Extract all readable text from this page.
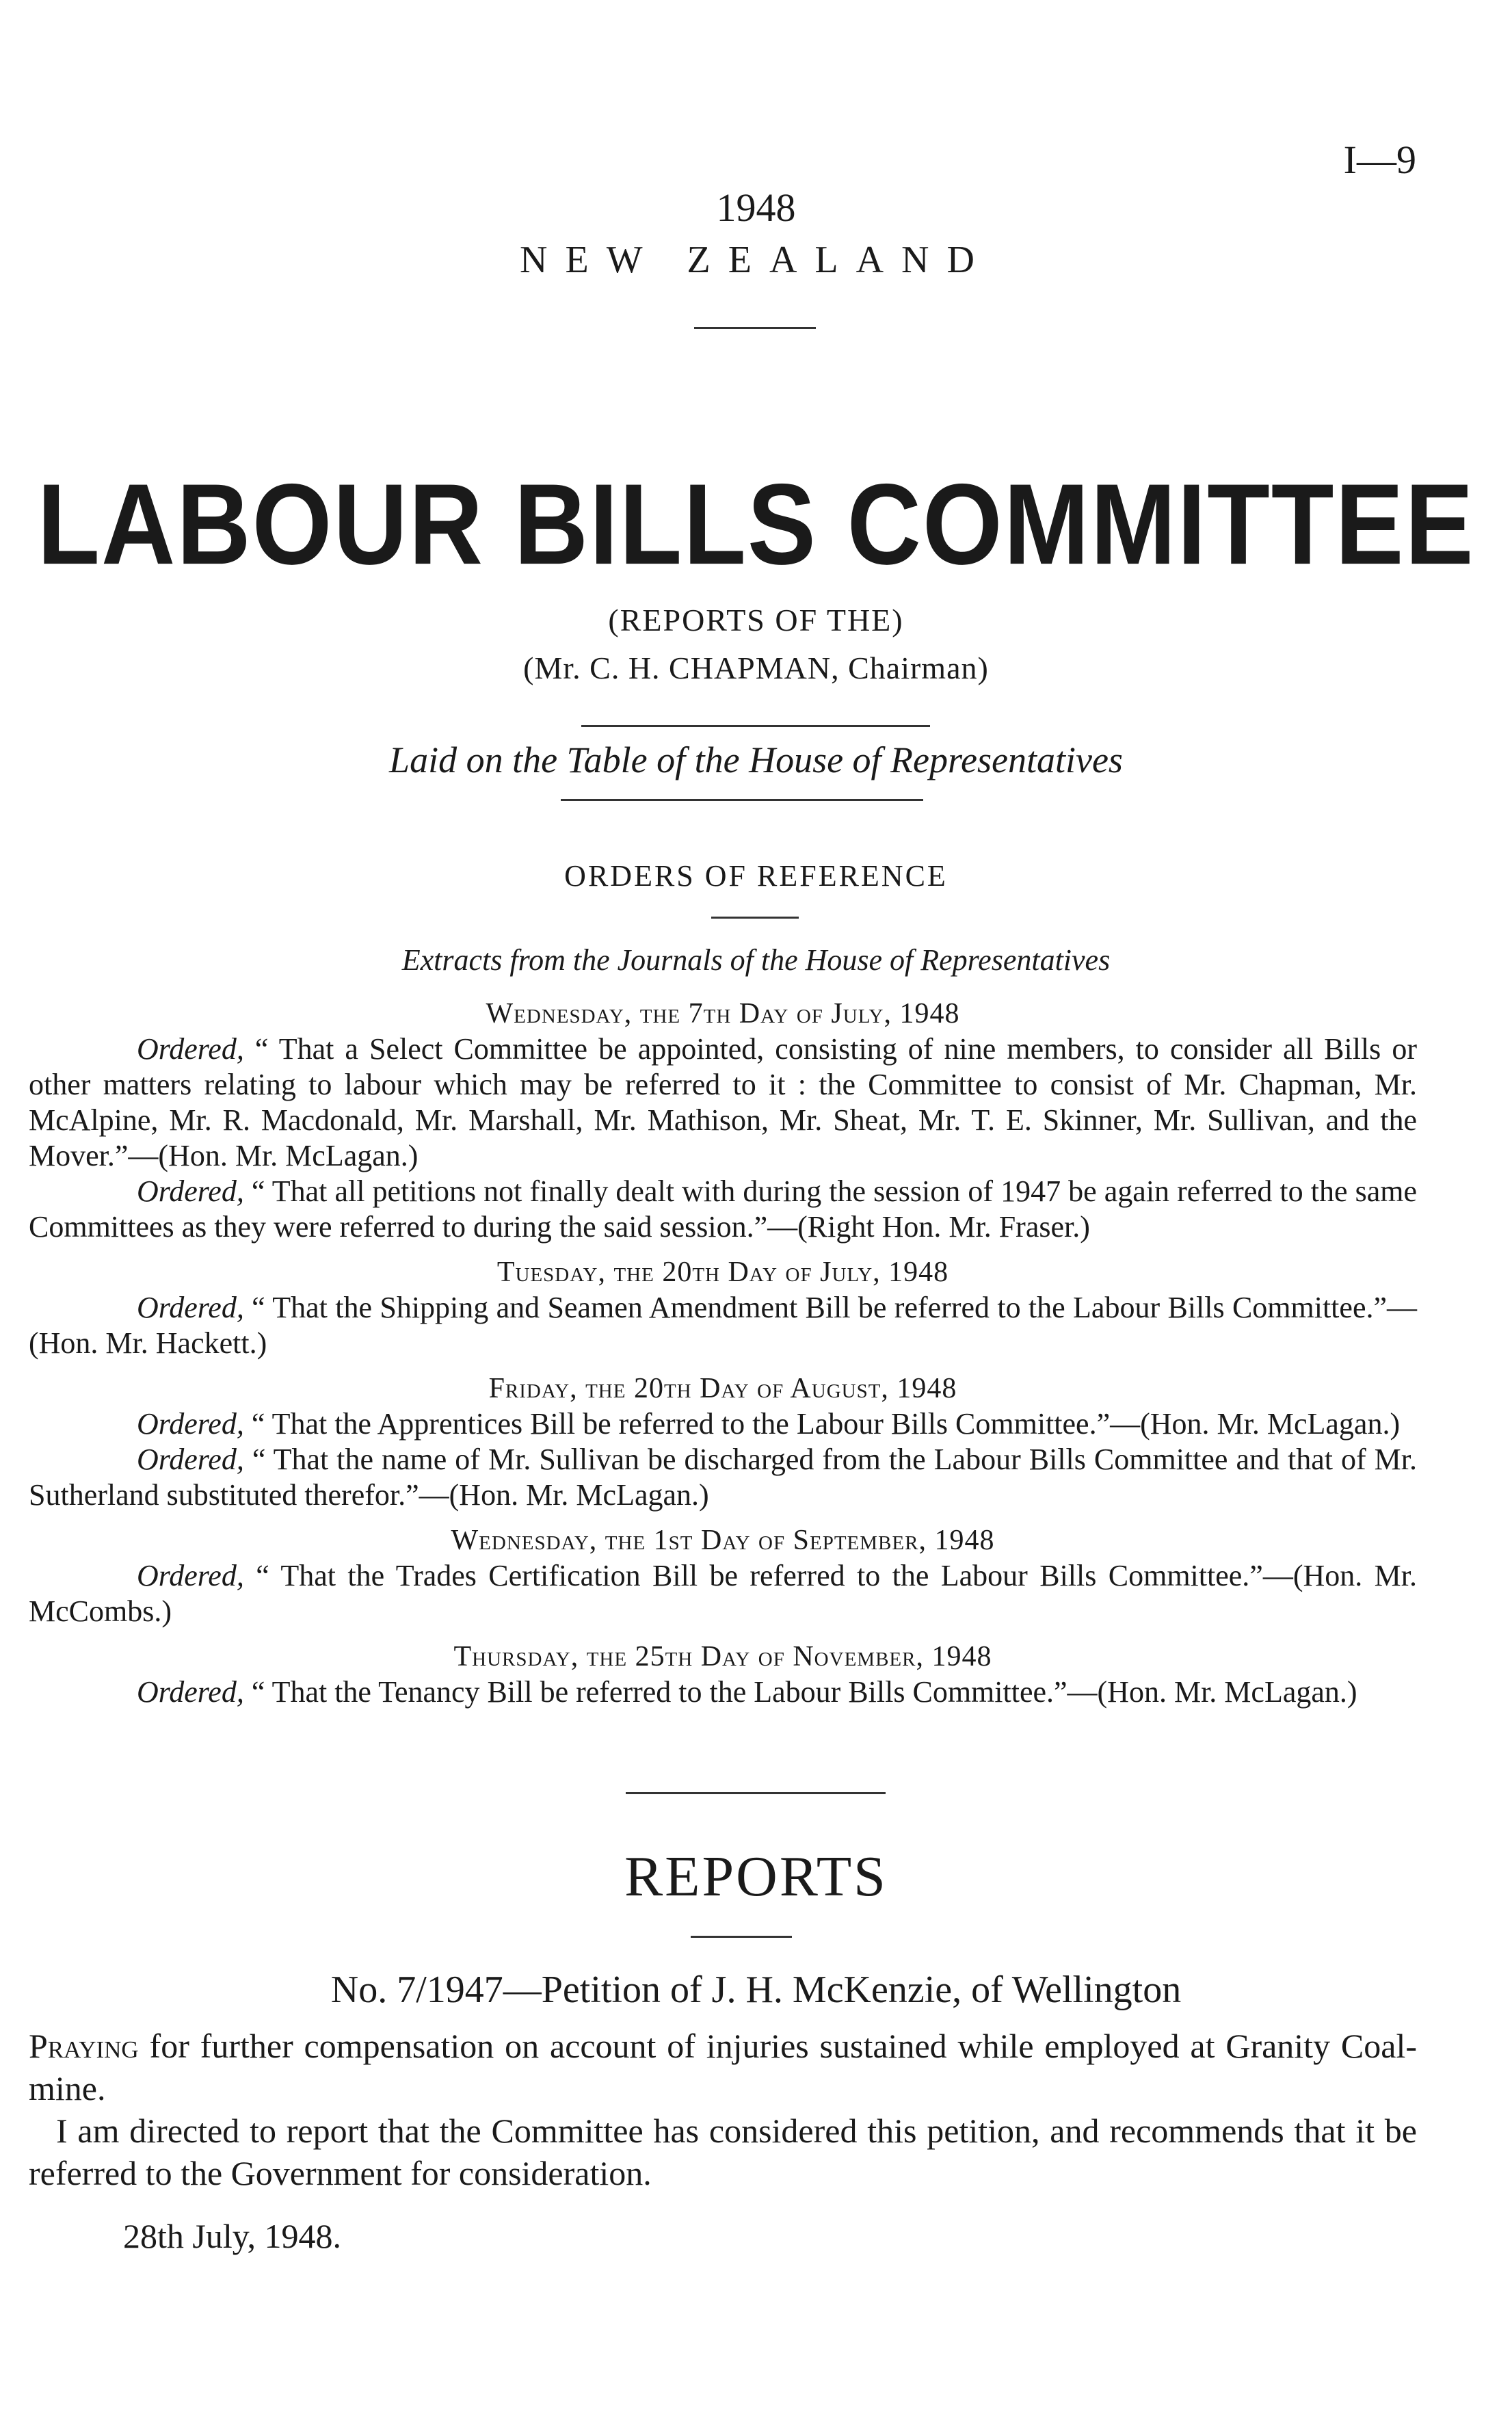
I—9
1948
NEW ZEALAND
LABOUR BILLS COMMITTEE
(REPORTS OF THE)
(Mr. C. H. CHAPMAN, Chairman)
Laid on the Table of the House of Representatives
ORDERS OF REFERENCE
Extracts from the Journals of the House of Representatives

Wednesday, the 7th Day of July, 1948

Ordered, “ That a Select Committee be appointed, consisting of nine members, to consider all Bills or other matters relating to labour which may be referred to it : the Committee to consist of Mr. Chapman, Mr. McAlpine, Mr. R. Macdonald, Mr. Marshall, Mr. Mathison, Mr. Sheat, Mr. T. E. Skinner, Mr. Sullivan, and the Mover.”—(Hon. Mr. McLagan.)

Ordered, “ That all petitions not finally dealt with during the session of 1947 be again referred to the same Committees as they were referred to during the said session.”—(Right Hon. Mr. Fraser.)

Tuesday, the 20th Day of July, 1948

Ordered, “ That the Shipping and Seamen Amendment Bill be referred to the Labour Bills Committee.”—(Hon. Mr. Hackett.)

Friday, the 20th Day of August, 1948

Ordered, “ That the Apprentices Bill be referred to the Labour Bills Committee.”—(Hon. Mr. McLagan.)

Ordered, “ That the name of Mr. Sullivan be discharged from the Labour Bills Committee and that of Mr. Sutherland substituted therefor.”—(Hon. Mr. McLagan.)

Wednesday, the 1st Day of September, 1948

Ordered, “ That the Trades Certification Bill be referred to the Labour Bills Committee.”—(Hon. Mr. McCombs.)

Thursday, the 25th Day of November, 1948

Ordered, “ That the Tenancy Bill be referred to the Labour Bills Committee.”—(Hon. Mr. McLagan.)

REPORTS
No. 7/1947—Petition of J. H. McKenzie, of Wellington

Praying for further compensation on account of injuries sustained while employed at Granity Coal-mine.

I am directed to report that the Committee has considered this petition, and recommends that it be referred to the Government for consideration.

28th July, 1948.
